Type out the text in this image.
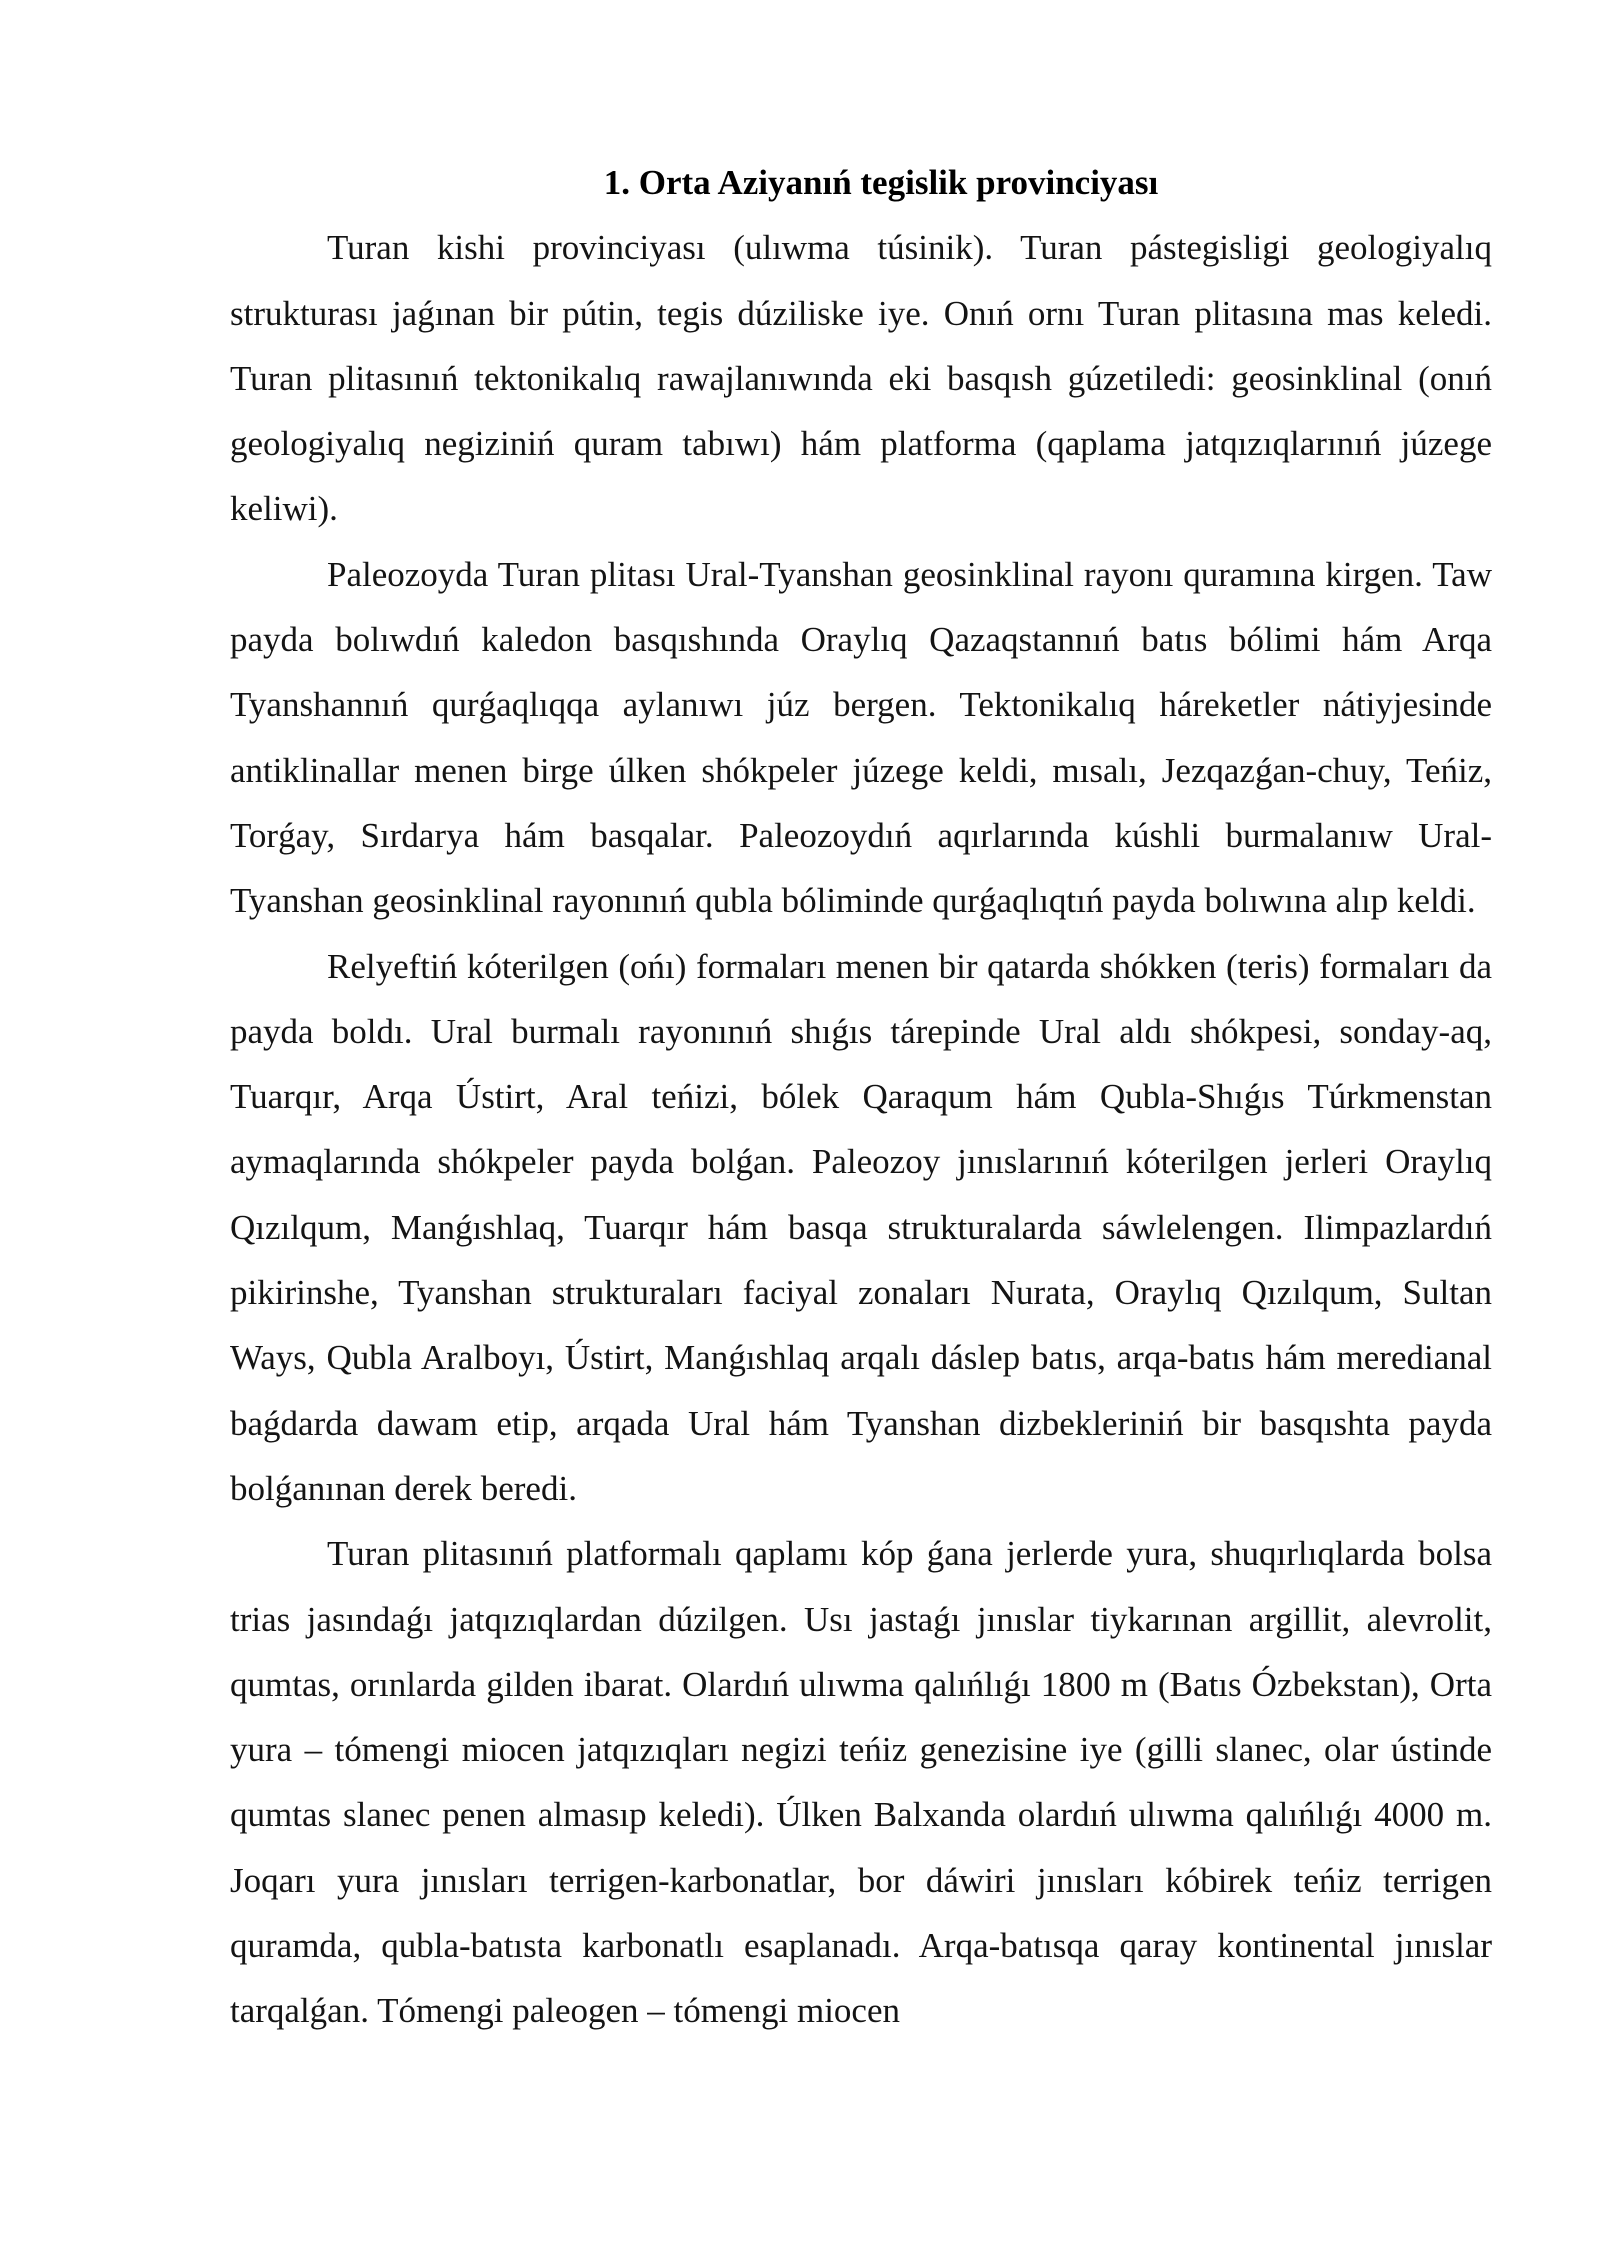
1. Orta Aziyanıń tegislik provinciyası

Turan kishi provinciyası (ulıwma túsinik). Turan pástegisligi geologiyalıq strukturası jaǵınan bir pútin, tegis dúziliske iye. Onıń ornı Turan plitasına mas keledi. Turan plitasınıń tektonikalıq rawajlanıwında eki basqısh gúzetiledi: geosinklinal (onıń geologiyalıq negiziniń quram tabıwı) hám platforma (qaplama jatqızıqlarınıń júzege keliwi).

Paleozoyda Turan plitası Ural-Tyanshan geosinklinal rayonı quramına kirgen. Taw payda bolıwdıń kaledon basqıshında Oraylıq Qazaqstannıń batıs bólimi hám Arqa Tyanshannıń qurǵaqlıqqa aylanıwı júz bergen. Tektonikalıq háreketler nátiyjesinde antiklinallar menen birge úlken shókpeler júzege keldi, mısalı, Jezqazǵan-chuy, Teńiz, Torǵay, Sırdarya hám basqalar. Paleozoydıń aqırlarında kúshli burmalanıw Ural-Tyanshan geosinklinal rayonınıń qubla bóliminde qurǵaqlıqtıń payda bolıwına alıp keldi.

Relyeftiń kóterilgen (ońı) formaları menen bir qatarda shókken (teris) formaları da payda boldı. Ural burmalı rayonınıń shıǵıs tárepinde Ural aldı shókpesi, sonday-aq, Tuarqır, Arqa Ústirt, Aral teńizi, bólek Qaraqum hám Qubla-Shıǵıs Túrkmenstan aymaqlarında shókpeler payda bolǵan. Paleozoy jınıslarınıń kóterilgen jerleri Oraylıq Qızılqum, Manǵıshlaq, Tuarqır hám basqa strukturalarda sáwlelengen. Ilimpazlardıń pikirinshe, Tyanshan strukturaları faciyal zonaları Nurata, Oraylıq Qızılqum, Sultan Ways, Qubla Aralboyı, Ústirt, Manǵıshlaq arqalı dáslep batıs, arqa-batıs hám meredianal baǵdarda dawam etip, arqada Ural hám Tyanshan dizbekleriniń bir basqıshta payda bolǵanınan derek beredi.

Turan plitasınıń platformalı qaplamı kóp ǵana jerlerde yura, shuqırlıqlarda bolsa trias jasındaǵı jatqızıqlardan dúzilgen. Usı jastaǵı jınıslar tiykarınan argillit, alevrolit, qumtas, orınlarda gilden ibarat. Olardıń ulıwma qalıńlıǵı 1800 m (Batıs Ózbekstan), Orta yura – tómengi miocen jatqızıqları negizi teńiz genezisine iye (gilli slanec, olar ústinde qumtas slanec penen almasıp keledi). Úlken Balxanda olardıń ulıwma qalıńlıǵı 4000 m. Joqarı yura jınısları terrigen-karbonatlar, bor dáwiri jınısları kóbirek teńiz terrigen quramda, qubla-batısta karbonatlı esaplanadı. Arqa-batısqa qaray kontinental jınıslar tarqalǵan. Tómengi paleogen – tómengi miocen
